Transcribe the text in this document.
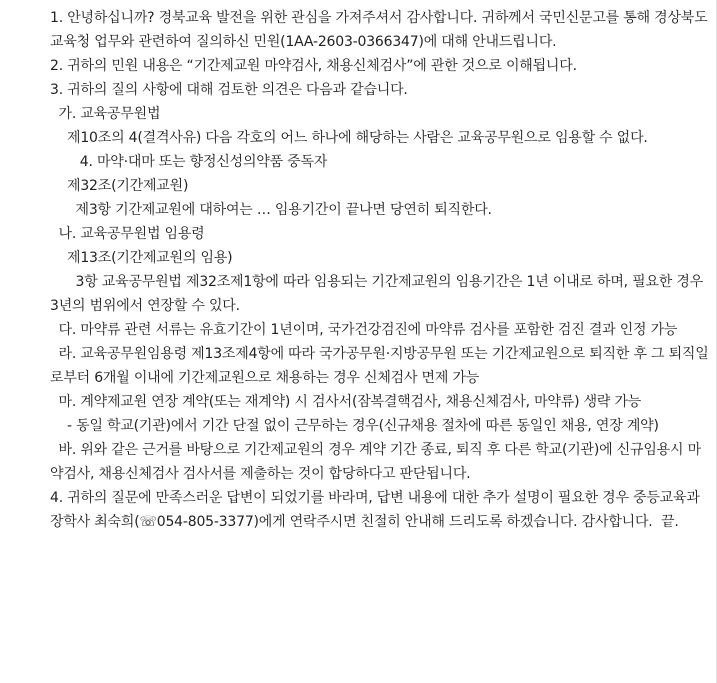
1. 안녕하십니까? 경북교육 발전을 위한 관심을 가져주셔서 감사합니다. 귀하께서 국민신문고를 통해 경상북도교육청 업무와 관련하여 질의하신 민원(1AA-2603-0366347)에 대해 안내드립니다.

2. 귀하의 민원 내용은 “기간제교원 마약검사, 채용신체검사”에 관한 것으로 이해됩니다.

3. 귀하의 질의 사항에 대해 검토한 의견은 다음과 같습니다.

가. 교육공무원법

제10조의 4(결격사유) 다음 각호의 어느 하나에 해당하는 사람은 교육공무원으로 임용할 수 없다.

4. 마약·대마 또는 향정신성의약품 중독자

제32조(기간제교원)

제3항 기간제교원에 대하여는 … 임용기간이 끝나면 당연히 퇴직한다.

나. 교육공무원법 임용령

제13조(기간제교원의 임용)

3항 교육공무원법 제32조제1항에 따라 임용되는 기간제교원의 임용기간은 1년 이내로 하며, 필요한 경우 3년의 범위에서 연장할 수 있다.

다. 마약류 관련 서류는 유효기간이 1년이며, 국가건강검진에 마약류 검사를 포함한 검진 결과 인정 가능

라. 교육공무원임용령 제13조제4항에 따라 국가공무원·지방공무원 또는 기간제교원으로 퇴직한 후 그 퇴직일로부터 6개월 이내에 기간제교원으로 채용하는 경우 신체검사 면제 가능

마. 계약제교원 연장 계약(또는 재계약) 시 검사서(잠복결핵검사, 채용신체검사, 마약류) 생략 가능

- 동일 학교(기관)에서 기간 단절 없이 근무하는 경우(신규채용 절차에 따른 동일인 채용, 연장 계약)

바. 위와 같은 근거를 바탕으로 기간제교원의 경우 계약 기간 종료, 퇴직 후 다른 학교(기관)에 신규임용시 마약검사, 채용신체검사 검사서를 제출하는 것이 합당하다고 판단됩니다.

4. 귀하의 질문에 만족스러운 답변이 되었기를 바라며, 답변 내용에 대한 추가 설명이 필요한 경우 중등교육과 장학사 최숙희(☏054-805-3377)에게 연락주시면 친절히 안내해 드리도록 하겠습니다. 감사합니다.  끝.
